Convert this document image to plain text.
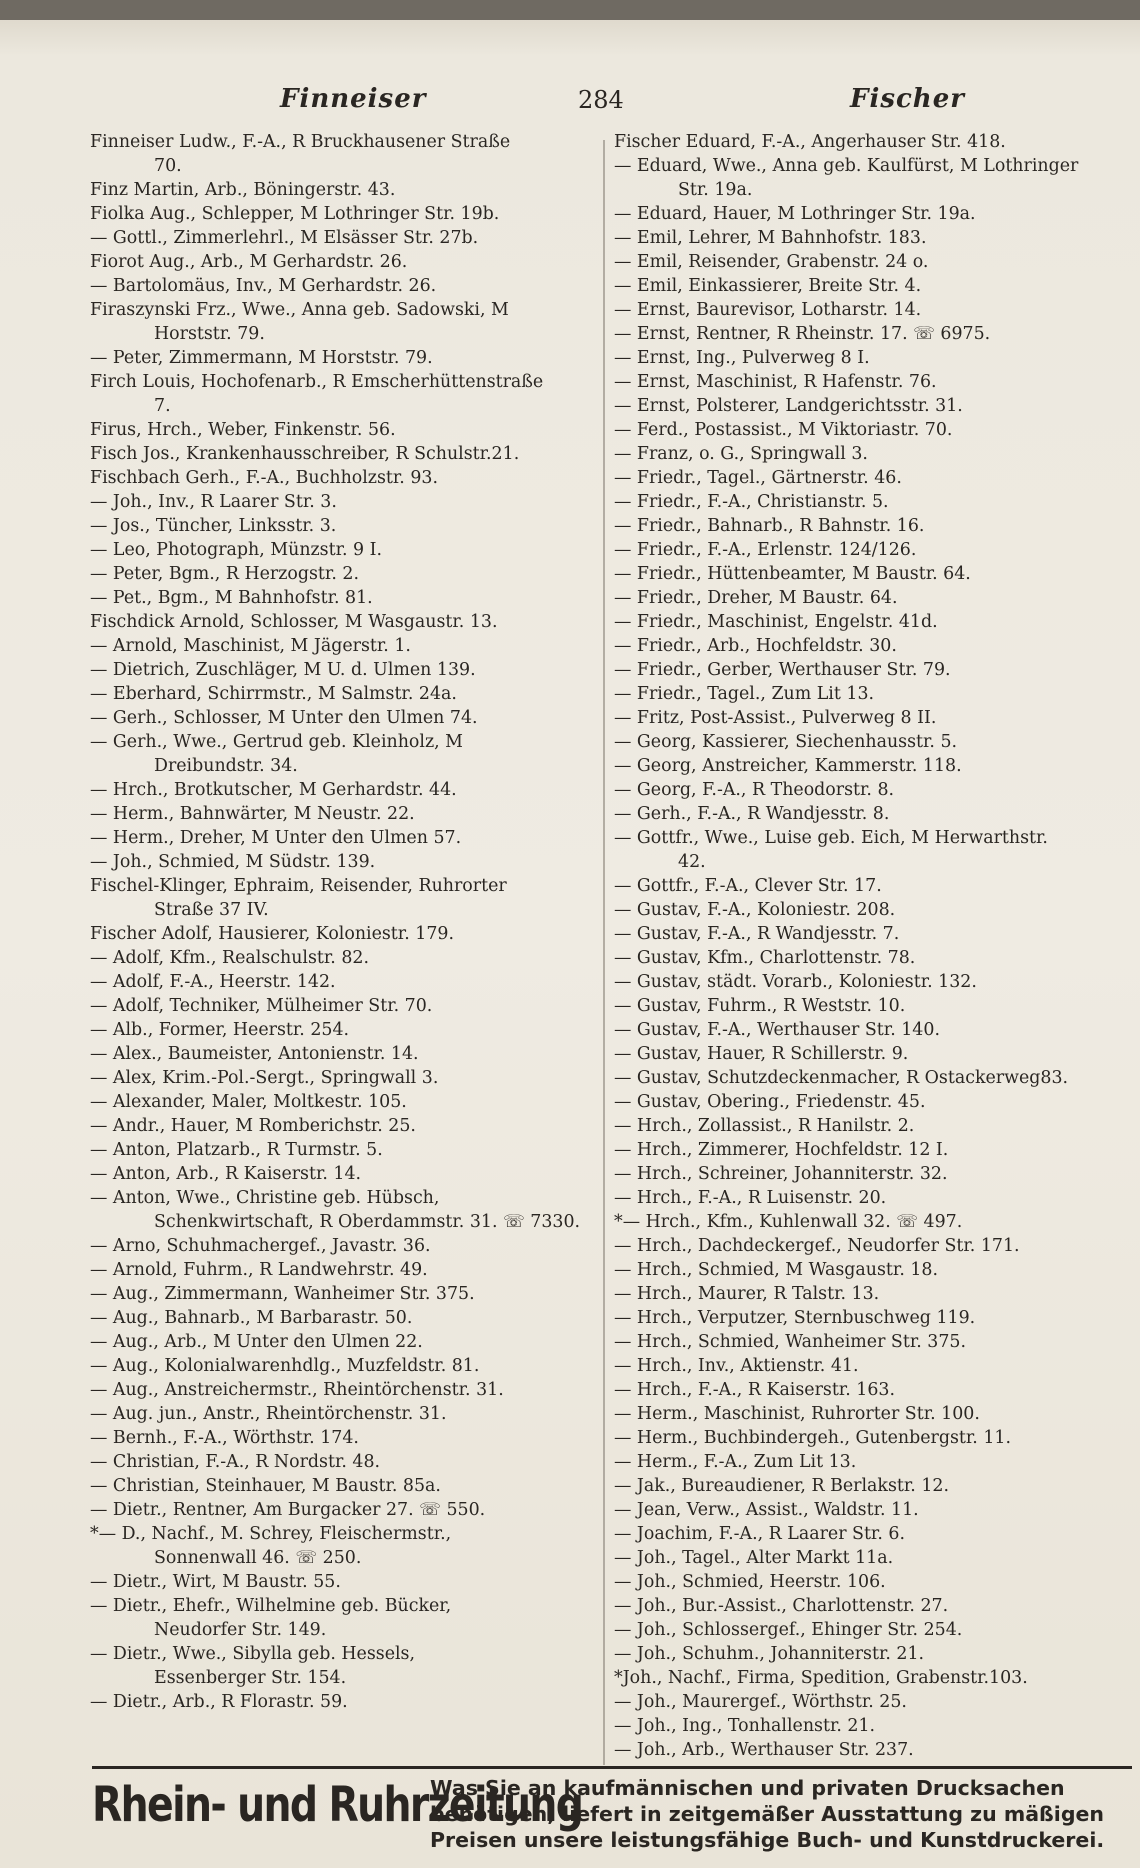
Finneiser	284	Fischer
Finneiser Ludw., F.-A., R Bruckhausener Straße
70.
Finz Martin, Arb., Böningerstr. 43.
Fiolka Aug., Schlepper, M Lothringer Str. 19b.
— Gottl., Zimmerlehrl., M Elsässer Str. 27b.
Fiorot Aug., Arb., M Gerhardstr. 26.
— Bartolomäus, Inv., M Gerhardstr. 26.
Firaszynski Frz., Wwe., Anna geb. Sadowski, M
Horststr. 79.
— Peter, Zimmermann, M Horststr. 79.
Firch Louis, Hochofenarb., R Emscherhüttenstraße
7.
Firus, Hrch., Weber, Finkenstr. 56.
Fisch Jos., Krankenhausschreiber, R Schulstr.21.
Fischbach Gerh., F.-A., Buchholzstr. 93.
— Joh., Inv., R Laarer Str. 3.
— Jos., Tüncher, Linksstr. 3.
— Leo, Photograph, Münzstr. 9 I.
— Peter, Bgm., R Herzogstr. 2.
— Pet., Bgm., M Bahnhofstr. 81.
Fischdick Arnold, Schlosser, M Wasgaustr. 13.
— Arnold, Maschinist, M Jägerstr. 1.
— Dietrich, Zuschläger, M U. d. Ulmen 139.
— Eberhard, Schirrmstr., M Salmstr. 24a.
— Gerh., Schlosser, M Unter den Ulmen 74.
— Gerh., Wwe., Gertrud geb. Kleinholz, M
Dreibundstr. 34.
— Hrch., Brotkutscher, M Gerhardstr. 44.
— Herm., Bahnwärter, M Neustr. 22.
— Herm., Dreher, M Unter den Ulmen 57.
— Joh., Schmied, M Südstr. 139.
Fischel-Klinger, Ephraim, Reisender, Ruhrorter
Straße 37 IV.
Fischer Adolf, Hausierer, Koloniestr. 179.
— Adolf, Kfm., Realschulstr. 82.
— Adolf, F.-A., Heerstr. 142.
— Adolf, Techniker, Mülheimer Str. 70.
— Alb., Former, Heerstr. 254.
— Alex., Baumeister, Antonienstr. 14.
— Alex, Krim.-Pol.-Sergt., Springwall 3.
— Alexander, Maler, Moltkestr. 105.
— Andr., Hauer, M Romberichstr. 25.
— Anton, Platzarb., R Turmstr. 5.
— Anton, Arb., R Kaiserstr. 14.
— Anton, Wwe., Christine geb. Hübsch,
Schenkwirtschaft, R Oberdammstr. 31. ☏ 7330.
— Arno, Schuhmachergef., Javastr. 36.
— Arnold, Fuhrm., R Landwehrstr. 49.
— Aug., Zimmermann, Wanheimer Str. 375.
— Aug., Bahnarb., M Barbarastr. 50.
— Aug., Arb., M Unter den Ulmen 22.
— Aug., Kolonialwarenhdlg., Muzfeldstr. 81.
— Aug., Anstreichermstr., Rheintörchenstr. 31.
— Aug. jun., Anstr., Rheintörchenstr. 31.
— Bernh., F.-A., Wörthstr. 174.
— Christian, F.-A., R Nordstr. 48.
— Christian, Steinhauer, M Baustr. 85a.
— Dietr., Rentner, Am Burgacker 27. ☏ 550.
*— D., Nachf., M. Schrey, Fleischermstr.,
Sonnenwall 46. ☏ 250.
— Dietr., Wirt, M Baustr. 55.
— Dietr., Ehefr., Wilhelmine geb. Bücker,
Neudorfer Str. 149.
— Dietr., Wwe., Sibylla geb. Hessels,
Essenberger Str. 154.
— Dietr., Arb., R Florastr. 59.
Fischer Eduard, F.-A., Angerhauser Str. 418.
— Eduard, Wwe., Anna geb. Kaulfürst, M Lothringer
Str. 19a.
— Eduard, Hauer, M Lothringer Str. 19a.
— Emil, Lehrer, M Bahnhofstr. 183.
— Emil, Reisender, Grabenstr. 24 o.
— Emil, Einkassierer, Breite Str. 4.
— Ernst, Baurevisor, Lotharstr. 14.
— Ernst, Rentner, R Rheinstr. 17. ☏ 6975.
— Ernst, Ing., Pulverweg 8 I.
— Ernst, Maschinist, R Hafenstr. 76.
— Ernst, Polsterer, Landgerichtsstr. 31.
— Ferd., Postassist., M Viktoriastr. 70.
— Franz, o. G., Springwall 3.
— Friedr., Tagel., Gärtnerstr. 46.
— Friedr., F.-A., Christianstr. 5.
— Friedr., Bahnarb., R Bahnstr. 16.
— Friedr., F.-A., Erlenstr. 124/126.
— Friedr., Hüttenbeamter, M Baustr. 64.
— Friedr., Dreher, M Baustr. 64.
— Friedr., Maschinist, Engelstr. 41d.
— Friedr., Arb., Hochfeldstr. 30.
— Friedr., Gerber, Werthauser Str. 79.
— Friedr., Tagel., Zum Lit 13.
— Fritz, Post-Assist., Pulverweg 8 II.
— Georg, Kassierer, Siechenhausstr. 5.
— Georg, Anstreicher, Kammerstr. 118.
— Georg, F.-A., R Theodorstr. 8.
— Gerh., F.-A., R Wandjesstr. 8.
— Gottfr., Wwe., Luise geb. Eich, M Herwarthstr.
42.
— Gottfr., F.-A., Clever Str. 17.
— Gustav, F.-A., Koloniestr. 208.
— Gustav, F.-A., R Wandjesstr. 7.
— Gustav, Kfm., Charlottenstr. 78.
— Gustav, städt. Vorarb., Koloniestr. 132.
— Gustav, Fuhrm., R Weststr. 10.
— Gustav, F.-A., Werthauser Str. 140.
— Gustav, Hauer, R Schillerstr. 9.
— Gustav, Schutzdeckenmacher, R Ostackerweg83.
— Gustav, Obering., Friedenstr. 45.
— Hrch., Zollassist., R Hanilstr. 2.
— Hrch., Zimmerer, Hochfeldstr. 12 I.
— Hrch., Schreiner, Johanniterstr. 32.
— Hrch., F.-A., R Luisenstr. 20.
*— Hrch., Kfm., Kuhlenwall 32. ☏ 497.
— Hrch., Dachdeckergef., Neudorfer Str. 171.
— Hrch., Schmied, M Wasgaustr. 18.
— Hrch., Maurer, R Talstr. 13.
— Hrch., Verputzer, Sternbuschweg 119.
— Hrch., Schmied, Wanheimer Str. 375.
— Hrch., Inv., Aktienstr. 41.
— Hrch., F.-A., R Kaiserstr. 163.
— Herm., Maschinist, Ruhrorter Str. 100.
— Herm., Buchbindergeh., Gutenbergstr. 11.
— Herm., F.-A., Zum Lit 13.
— Jak., Bureaudiener, R Berlakstr. 12.
— Jean, Verw., Assist., Waldstr. 11.
— Joachim, F.-A., R Laarer Str. 6.
— Joh., Tagel., Alter Markt 11a.
— Joh., Schmied, Heerstr. 106.
— Joh., Bur.-Assist., Charlottenstr. 27.
— Joh., Schlossergef., Ehinger Str. 254.
— Joh., Schuhm., Johanniterstr. 21.
*Joh., Nachf., Firma, Spedition, Grabenstr.103.
— Joh., Maurergef., Wörthstr. 25.
— Joh., Ing., Tonhallenstr. 21.
— Joh., Arb., Werthauser Str. 237.
Rhein- und Ruhrzeitung
Was Sie an kaufmännischen und privaten Drucksachen
benötigen, liefert in zeitgemäßer Ausstattung zu mäßigen
Preisen unsere leistungsfähige Buch- und Kunstdruckerei.
